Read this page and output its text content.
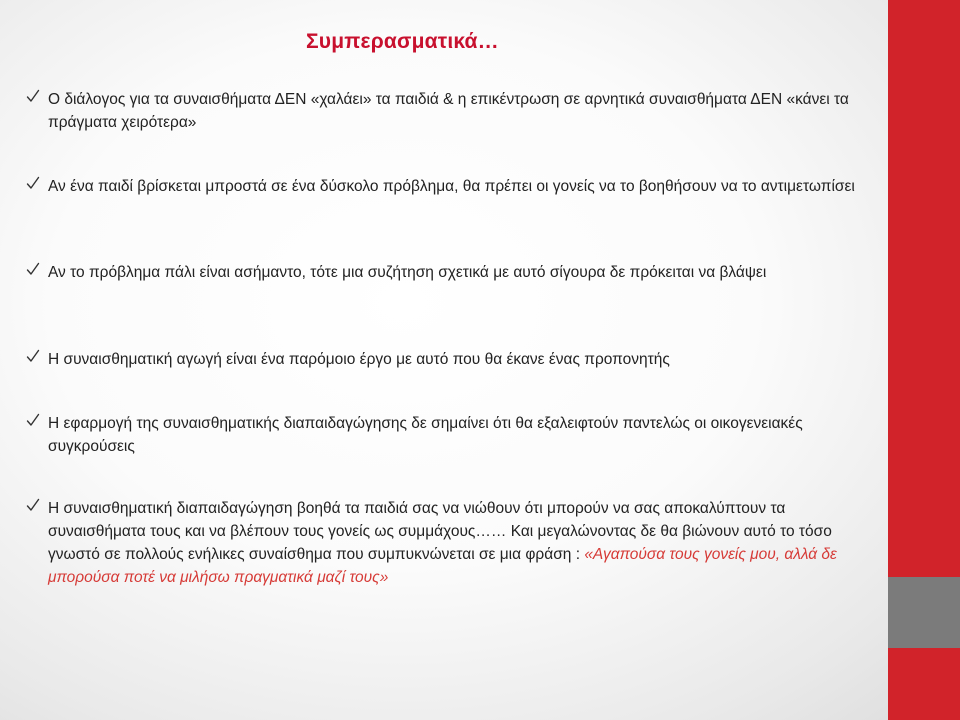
Συμπερασματικά…
Ο διάλογος για τα συναισθήματα ΔΕΝ «χαλάει» τα παιδιά & η επικέντρωση σε αρνητικά συναισθήματα ΔΕΝ «κάνει τα πράγματα χειρότερα»
Αν ένα παιδί βρίσκεται μπροστά σε ένα δύσκολο πρόβλημα, θα πρέπει οι γονείς να το βοηθήσουν να το αντιμετωπίσει
Αν το πρόβλημα πάλι είναι ασήμαντο, τότε μια συζήτηση σχετικά με αυτό σίγουρα δε πρόκειται να βλάψει
Η συναισθηματική αγωγή είναι ένα παρόμοιο έργο με αυτό που θα έκανε ένας προπονητής
Η εφαρμογή της συναισθηματικής διαπαιδαγώγησης δε σημαίνει ότι θα εξαλειφτούν παντελώς οι οικογενειακές συγκρούσεις
Η συναισθηματική διαπαιδαγώγηση βοηθά τα παιδιά σας να νιώθουν ότι μπορούν να σας αποκαλύπτουν τα συναισθήματα τους και να βλέπουν τους γονείς ως συμμάχους…… Και μεγαλώνοντας δε θα βιώνουν αυτό το τόσο γνωστό σε πολλούς ενήλικες συναίσθημα που συμπυκνώνεται σε μια φράση : «Αγαπούσα τους γονείς μου, αλλά δε μπορούσα ποτέ να μιλήσω πραγματικά μαζί τους»
